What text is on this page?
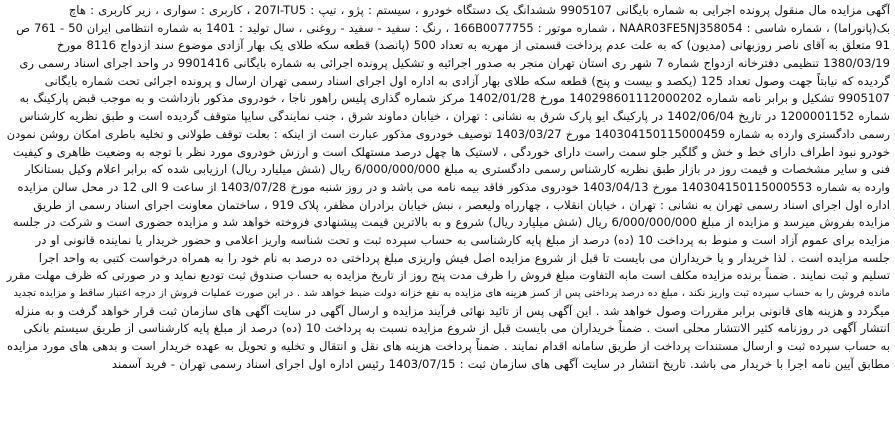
آگهی مزایده مال منقول پرونده اجرایی به شماره بایگانی 9905107 ششدانگ یک دستگاه خودرو ، سیستم : پژو ، تیپ : 207I-TU5 ، کاربری : سواری ، زیر کاربری : هاچ
بک(پانوراما) ، شماره شاسی : NAAR03FE5NJ358054 ، شماره موتور : 166B0077755 ، رنگ : سفید - سفید - روغنی ، سال تولید : 1401 به شماره انتظامی ایران 50 - 761 ص
91 متعلق به آقای ناصر روزبهانی (مدیون) که به علت عدم پرداخت قسمتی از مهریه به تعداد 500 (پانصد) قطعه سکه طلای یک بهار آزادی موضوع سند ازدواج 8116 مورخ
1380/03/19 تنظیمی دفترخانه ازدواج شماره 7 شهر ری استان تهران منجر به صدور اجرائیه و تشکیل پرونده اجرائی به شماره بایگانی 9901416 در واحد اجرای اسناد رسمی ری
گردیده که نیابتاً جهت وصول تعداد 125 (یکصد و بیست و پنج) قطعه سکه طلای بهار آزادی به اداره اول اجرای اسناد رسمی تهران ارسال و پرونده اجرائی تحت شماره بایگانی
9905107 تشکیل و برابر نامه شماره 140298601112000202 مورخ 1402/01/28 مرکز شماره گذاری پلیس راهور ناجا ، خودروی مذکور بازداشت و به موجب قبض پارکینگ به
شماره 1200001152 در تاریخ 1402/06/04 در پارکینگ ایو پارک شرق به نشانی : تهران ، خیابان دماوند شرق ، جنب نمایندگی سایپا متوقف گردیده است و طبق نظریه کارشناس
رسمی دادگستری وارده به شماره 140304150115000459 مورخ 1403/03/27 توصیف خودروی مذکور عبارت است از اینکه : بعلت توقف طولانی و تخلیه باطری امکان روشن نمودن
خودرو نبود اطراف دارای خط و خش و گلگیر جلو سمت راست دارای خوردگی ، لاستیک ها چهل درصد مستهلک است و ارزش خودروی مورد نظر با توجه به وضعیت ظاهری و کیفیت
فنی و سایر مشخصات و قیمت روز در بازار طبق نظریه کارشناس رسمی دادگستری به مبلغ 6/000/000/000 ریال (شش میلیارد ریال) ارزیابی شده که برابر اعلام وکیل بستانکار
وارده به شماره 140304150115000553 مورخ 1403/04/13 خودروی مذکور فاقد بیمه نامه می باشد و در روز شنبه مورخ 1403/07/28 از ساعت 9 الی 12 در محل سالن مزایده
اداره اول اجرای اسناد رسمی تهران به نشانی : تهران ، خیابان انقلاب ، چهارراه ولیعصر ، نبش خیابان برادران مظفر، پلاک 919 ، ساختمان معاونت اجرای اسناد رسمی از طریق
مزایده بفروش میرسد و مزایده از مبلغ 6/000/000/000 ریال (شش میلیارد ریال) شروع و به بالاترین قیمت پیشنهادی فروخته خواهد شد و مزایده حضوری است و شرکت در جلسه
مزایده برای عموم آزاد است و منوط به پرداخت 10 (ده) درصد از مبلغ پایه کارشناسی به حساب سپرده ثبت و تحت شناسه واریز اعلامی و حضور خریدار یا نماینده قانونی او در
جلسه مزایده است . لذا خریدار و یا خریداران می بایست تا قبل از شروع مزایده اصل فیش واریزی مبلغ پرداختی ده درصد به نام خود را به همراه درخواست کتبی به واحد اجرا
تسلیم و ثبت نمایند . ضمناً برنده مزایده مکلف است مابه التفاوت مبلغ فروش را ظرف مدت پنج روز از تاریخ مزایده به حساب صندوق ثبت تودیع نماید و در صورتی که ظرف مهلت مقرر
مانده فروش را به حساب سپرده ثبت واریز نکند ، مبلغ ده درصد پرداختی پس از کسر هزینه های مزایده به نفع خزانه دولت ضبط خواهد شد . در این صورت عملیات فروش از درجه اعتبار ساقط و مزایده تجدید
میگردد و هزینه های قانونی برابر مقررات وصول خواهد شد . این آگهی پس از تائید نهائی فرآیند مزایده و ارسال آگهی در سایت آگهی های سازمان ثبت قرار خواهد گرفت و به منزله
انتشار آگهی در روزنامه کثیر الانتشار محلی است . ضمناً خریداران می بایست قبل از شروع مزایده نسبت به پرداخت 10 (ده) درصد از مبلغ پایه کارشناسی از طریق سیستم بانکی
به حساب سپرده ثبت و ارسال مستندات پرداخت از طریق سامانه اقدام نمایند . ضمناً پرداخت هزینه های نقل و انتقال و تخلیه و تحویل به عهده خریدار است و بدهی های مورد مزایده
مطابق آیین نامه اجرا با خریدار می باشد. تاریخ انتشار در سایت آگهی های سازمان ثبت : 1403/07/15 رئیس اداره اول اجرای اسناد رسمی تهران - فرید آسمند
